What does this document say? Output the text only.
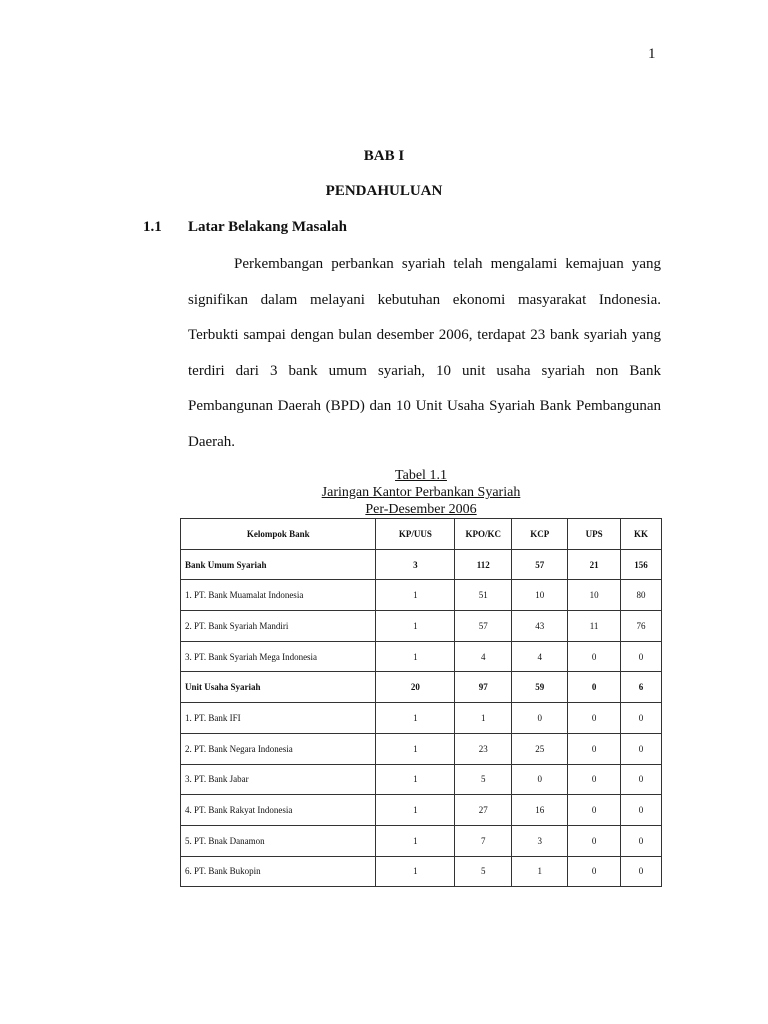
1
BAB I
PENDAHULUAN
1.1 Latar Belakang Masalah

Perkembangan perbankan syariah telah mengalami kemajuan yang signifikan dalam melayani kebutuhan ekonomi masyarakat Indonesia. Terbukti sampai dengan bulan desember 2006, terdapat 23 bank syariah yang terdiri dari 3 bank umum syariah, 10 unit usaha syariah non Bank Pembangunan Daerah (BPD) dan 10 Unit Usaha Syariah Bank Pembangunan Daerah.

Tabel 1.1
Jaringan Kantor Perbankan Syariah
Per-Desember 2006
Kelompok Bank	KP/UUS	KPO/KC	KCP	UPS	KK
Bank Umum Syariah	3	112	57	21	156
1. PT. Bank Muamalat Indonesia	1	51	10	10	80
2. PT. Bank Syariah Mandiri	1	57	43	11	76
3. PT. Bank Syariah Mega Indonesia	1	4	4	0	0
Unit Usaha Syariah	20	97	59	0	6
1. PT. Bank IFI	1	1	0	0	0
2. PT. Bank Negara Indonesia	1	23	25	0	0
3. PT. Bank Jabar	1	5	0	0	0
4. PT. Bank Rakyat Indonesia	1	27	16	0	0
5. PT. Bnak Danamon	1	7	3	0	0
6. PT. Bank Bukopin	1	5	1	0	0
